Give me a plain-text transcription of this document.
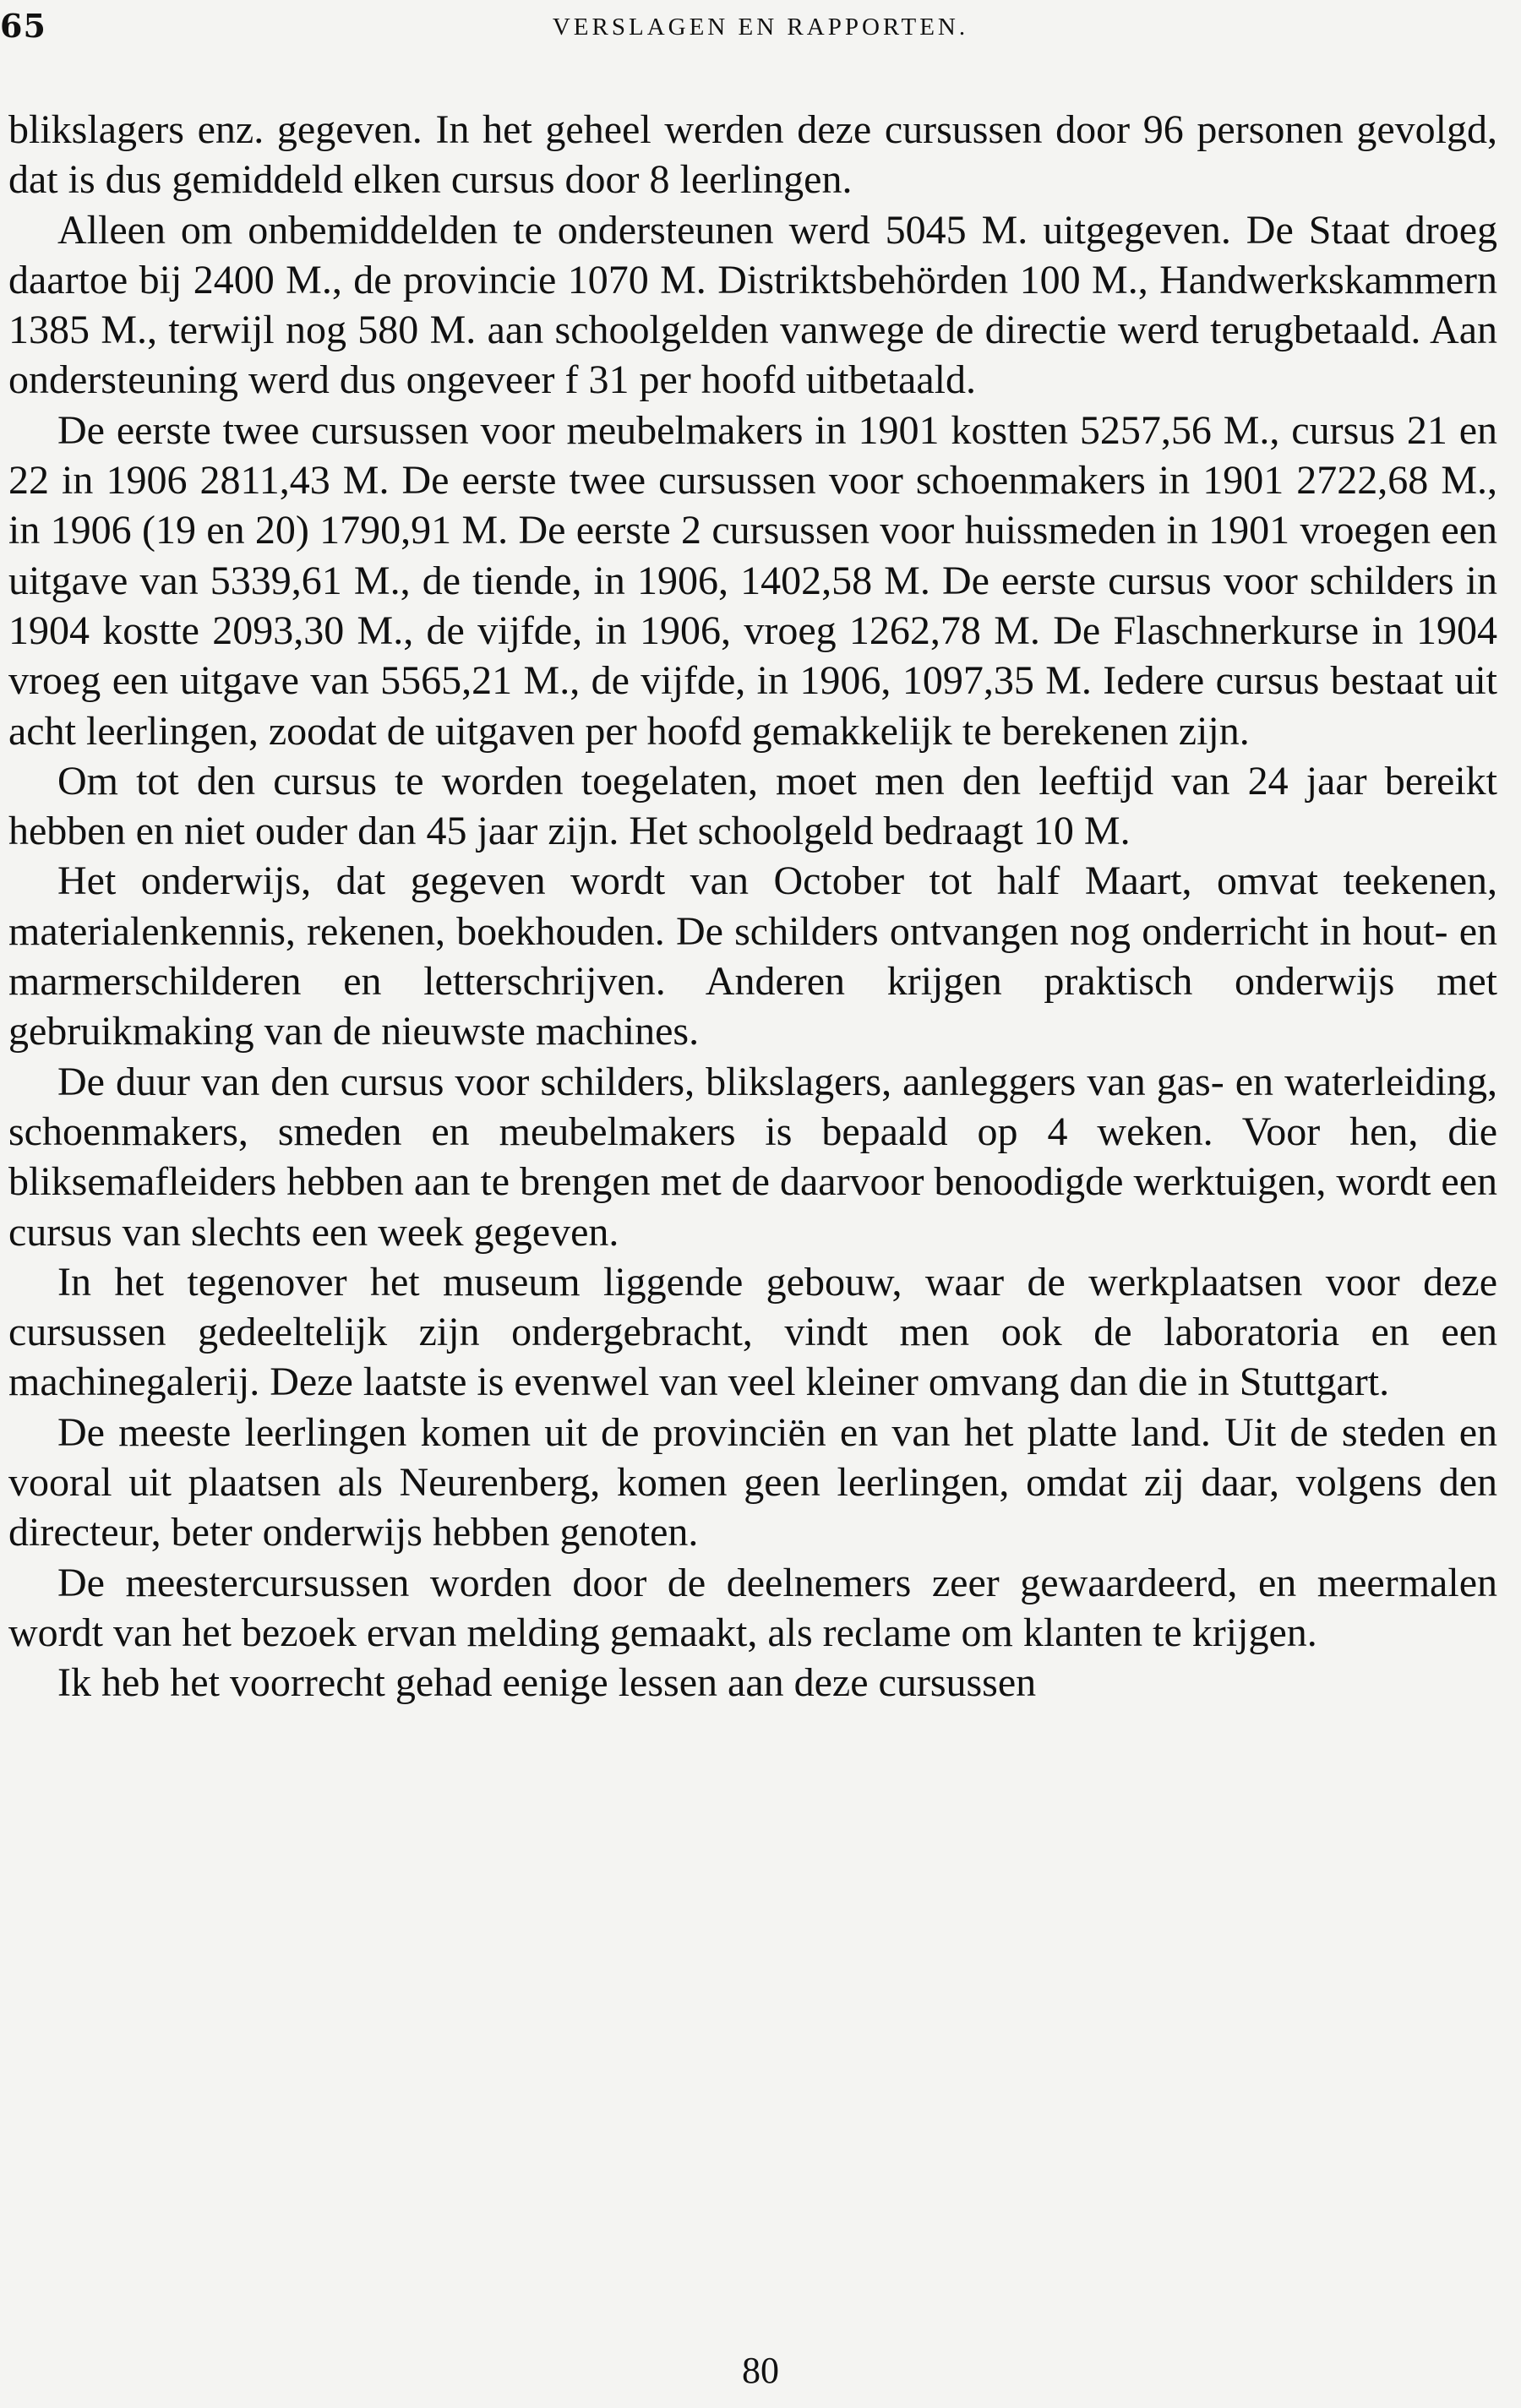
65	VERSLAGEN EN RAPPORTEN.

blikslagers enz. gegeven. In het geheel werden deze cursussen door 96 personen gevolgd, dat is dus gemiddeld elken cursus door 8 leerlingen.

Alleen om onbemiddelden te ondersteunen werd 5045 M. uitgegeven. De Staat droeg daartoe bij 2400 M., de provincie 1070 M. Distriktsbehörden 100 M., Handwerkskammern 1385 M., terwijl nog 580 M. aan schoolgelden vanwege de directie werd terugbetaald. Aan ondersteuning werd dus ongeveer f 31 per hoofd uitbetaald.

De eerste twee cursussen voor meubelmakers in 1901 kostten 5257,56 M., cursus 21 en 22 in 1906 2811,43 M. De eerste twee cursussen voor schoenmakers in 1901 2722,68 M., in 1906 (19 en 20) 1790,91 M. De eerste 2 cursussen voor huissmeden in 1901 vroegen een uitgave van 5339,61 M., de tiende, in 1906, 1402,58 M. De eerste cursus voor schilders in 1904 kostte 2093,30 M., de vijfde, in 1906, vroeg 1262,78 M. De Flaschnerkurse in 1904 vroeg een uitgave van 5565,21 M., de vijfde, in 1906, 1097,35 M. Iedere cursus bestaat uit acht leerlingen, zoodat de uitgaven per hoofd gemakkelijk te berekenen zijn.

Om tot den cursus te worden toegelaten, moet men den leeftijd van 24 jaar bereikt hebben en niet ouder dan 45 jaar zijn. Het schoolgeld bedraagt 10 M.

Het onderwijs, dat gegeven wordt van October tot half Maart, omvat teekenen, materialenkennis, rekenen, boekhouden. De schilders ontvangen nog onderricht in hout- en marmerschilderen en letterschrijven. Anderen krijgen praktisch onderwijs met gebruikmaking van de nieuwste machines.

De duur van den cursus voor schilders, blikslagers, aanleggers van gas- en waterleiding, schoenmakers, smeden en meubelmakers is bepaald op 4 weken. Voor hen, die bliksemafleiders hebben aan te brengen met de daarvoor benoodigde werktuigen, wordt een cursus van slechts een week gegeven.

In het tegenover het museum liggende gebouw, waar de werkplaatsen voor deze cursussen gedeeltelijk zijn ondergebracht, vindt men ook de laboratoria en een machinegalerij. Deze laatste is evenwel van veel kleiner omvang dan die in Stuttgart.

De meeste leerlingen komen uit de provinciën en van het platte land. Uit de steden en vooral uit plaatsen als Neurenberg, komen geen leerlingen, omdat zij daar, volgens den directeur, beter onderwijs hebben genoten.

De meestercursussen worden door de deelnemers zeer gewaardeerd, en meermalen wordt van het bezoek ervan melding gemaakt, als reclame om klanten te krijgen.

Ik heb het voorrecht gehad eenige lessen aan deze cursussen

80
